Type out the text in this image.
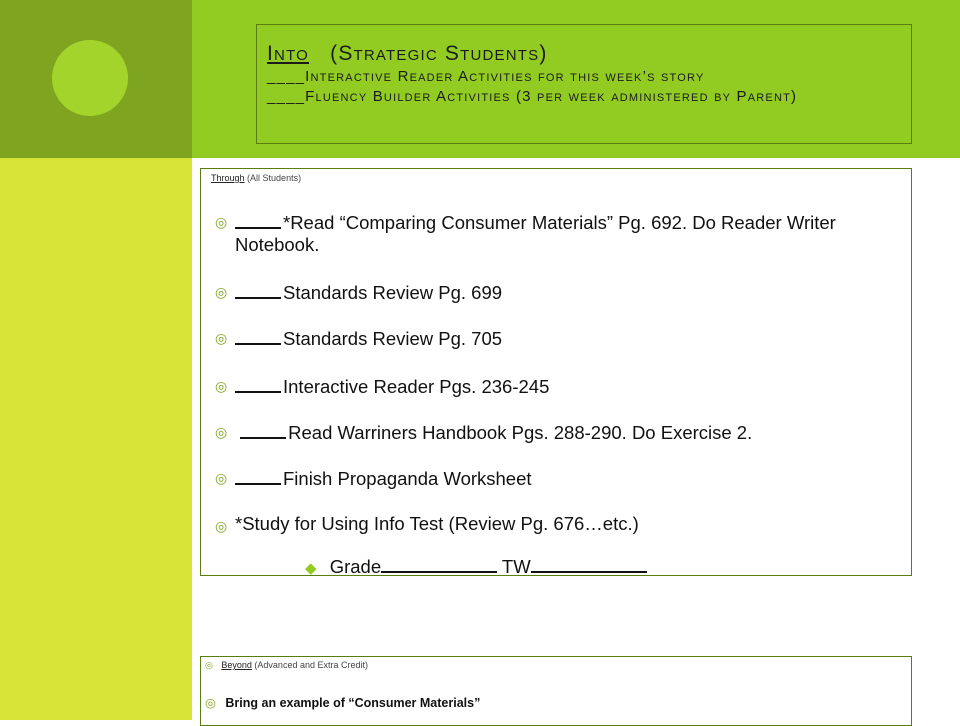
Into (Strategic Students)
____Interactive Reader Activities for this week’s story
____Fluency Builder Activities (3 per week administered by Parent)
Through (All Students)
◎	*Read “Comparing Consumer Materials” Pg. 692. Do Reader Writer Notebook.
◎	Standards Review Pg. 699
◎	Standards Review Pg. 705
◎	Interactive Reader Pgs. 236-245
◎	Read Warriners Handbook Pgs. 288-290. Do Exercise 2.
◎	Finish Propaganda Worksheet
◎ *Study for Using Info Test (Review Pg. 676…etc.)
◆ Grade	TW
◎ Beyond (Advanced and Extra Credit)
◎ Bring an example of “Consumer Materials”
